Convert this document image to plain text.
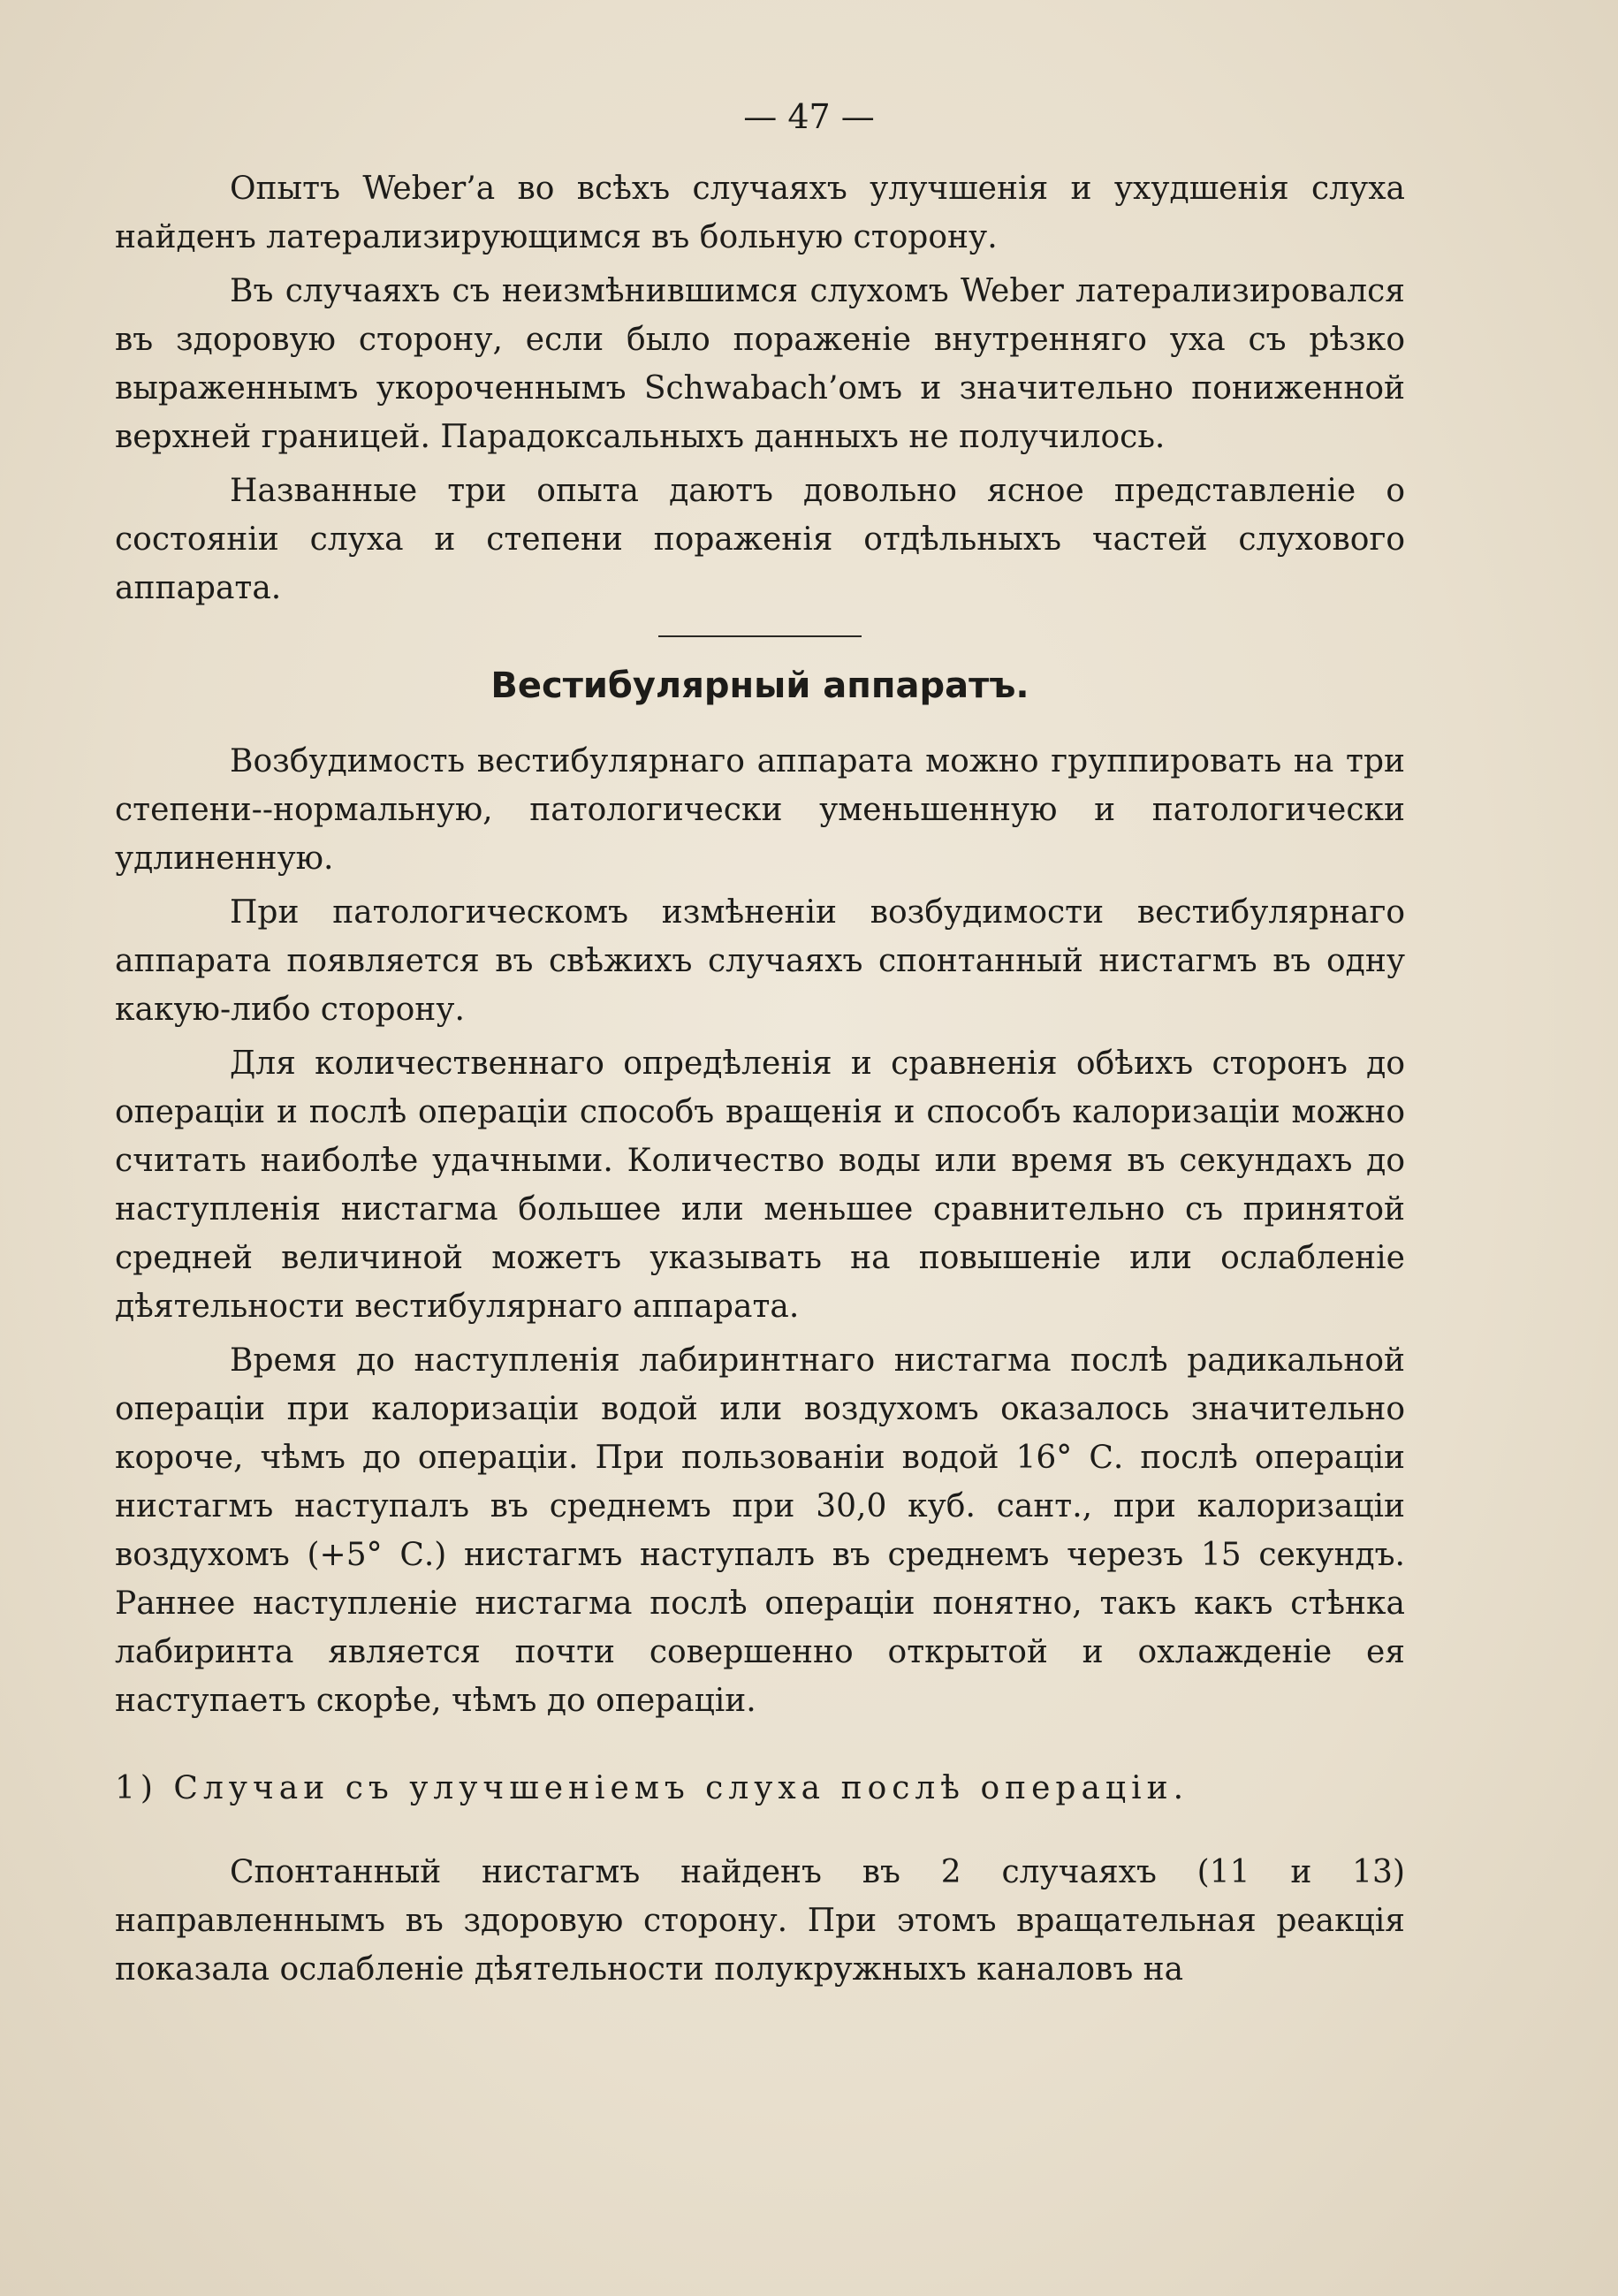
— 47 —

Опытъ Weber’a во всѣхъ случаяхъ улучшенія и ухудшенія слуха найденъ латерализирующимся въ больную сторону.

Въ случаяхъ съ неизмѣнившимся слухомъ Weber латерализировался въ здоровую сторону, если было пораженіе внутренняго уха съ рѣзко выраженнымъ укороченнымъ Schwabach’омъ и значительно пониженной верхней границей. Парадоксальныхъ данныхъ не получилось.

Названные три опыта даютъ довольно ясное представленіе о состояніи слуха и степени пораженія отдѣльныхъ частей слухового аппарата.

Вестибулярный аппаратъ.

Возбудимость вестибулярнаго аппарата можно группировать на три степени--нормальную, патологически уменьшенную и патологически удлиненную.

При патологическомъ измѣненіи возбудимости вестибулярнаго аппарата появляется въ свѣжихъ случаяхъ спонтанный нистагмъ въ одну какую-либо сторону.

Для количественнаго опредѣленія и сравненія обѣихъ сторонъ до операціи и послѣ операціи способъ вращенія и способъ калоризаціи можно считать наиболѣе удачными. Количество воды или время въ секундахъ до наступленія нистагма большее или меньшее сравнительно съ принятой средней величиной можетъ указывать на повышеніе или ослабленіе дѣятельности вестибулярнаго аппарата.

Время до наступленія лабиринтнаго нистагма послѣ радикальной операціи при калоризаціи водой или воздухомъ оказалось значительно короче, чѣмъ до операціи. При пользованіи водой 16° С. послѣ операціи нистагмъ наступалъ въ среднемъ при 30,0 куб. сант., при калоризаціи воздухомъ (+5° С.) нистагмъ наступалъ въ среднемъ черезъ 15 секундъ. Раннее наступленіе нистагма послѣ операціи понятно, такъ какъ стѣнка лабиринта является почти совершенно открытой и охлажденіе ея наступаетъ скорѣе, чѣмъ до операціи.

1) Случаи съ улучшеніемъ слуха послѣ операціи.

Спонтанный нистагмъ найденъ въ 2 случаяхъ (11 и 13) направленнымъ въ здоровую сторону. При этомъ вращательная реакція показала ослабленіе дѣятельности полукружныхъ каналовъ на
